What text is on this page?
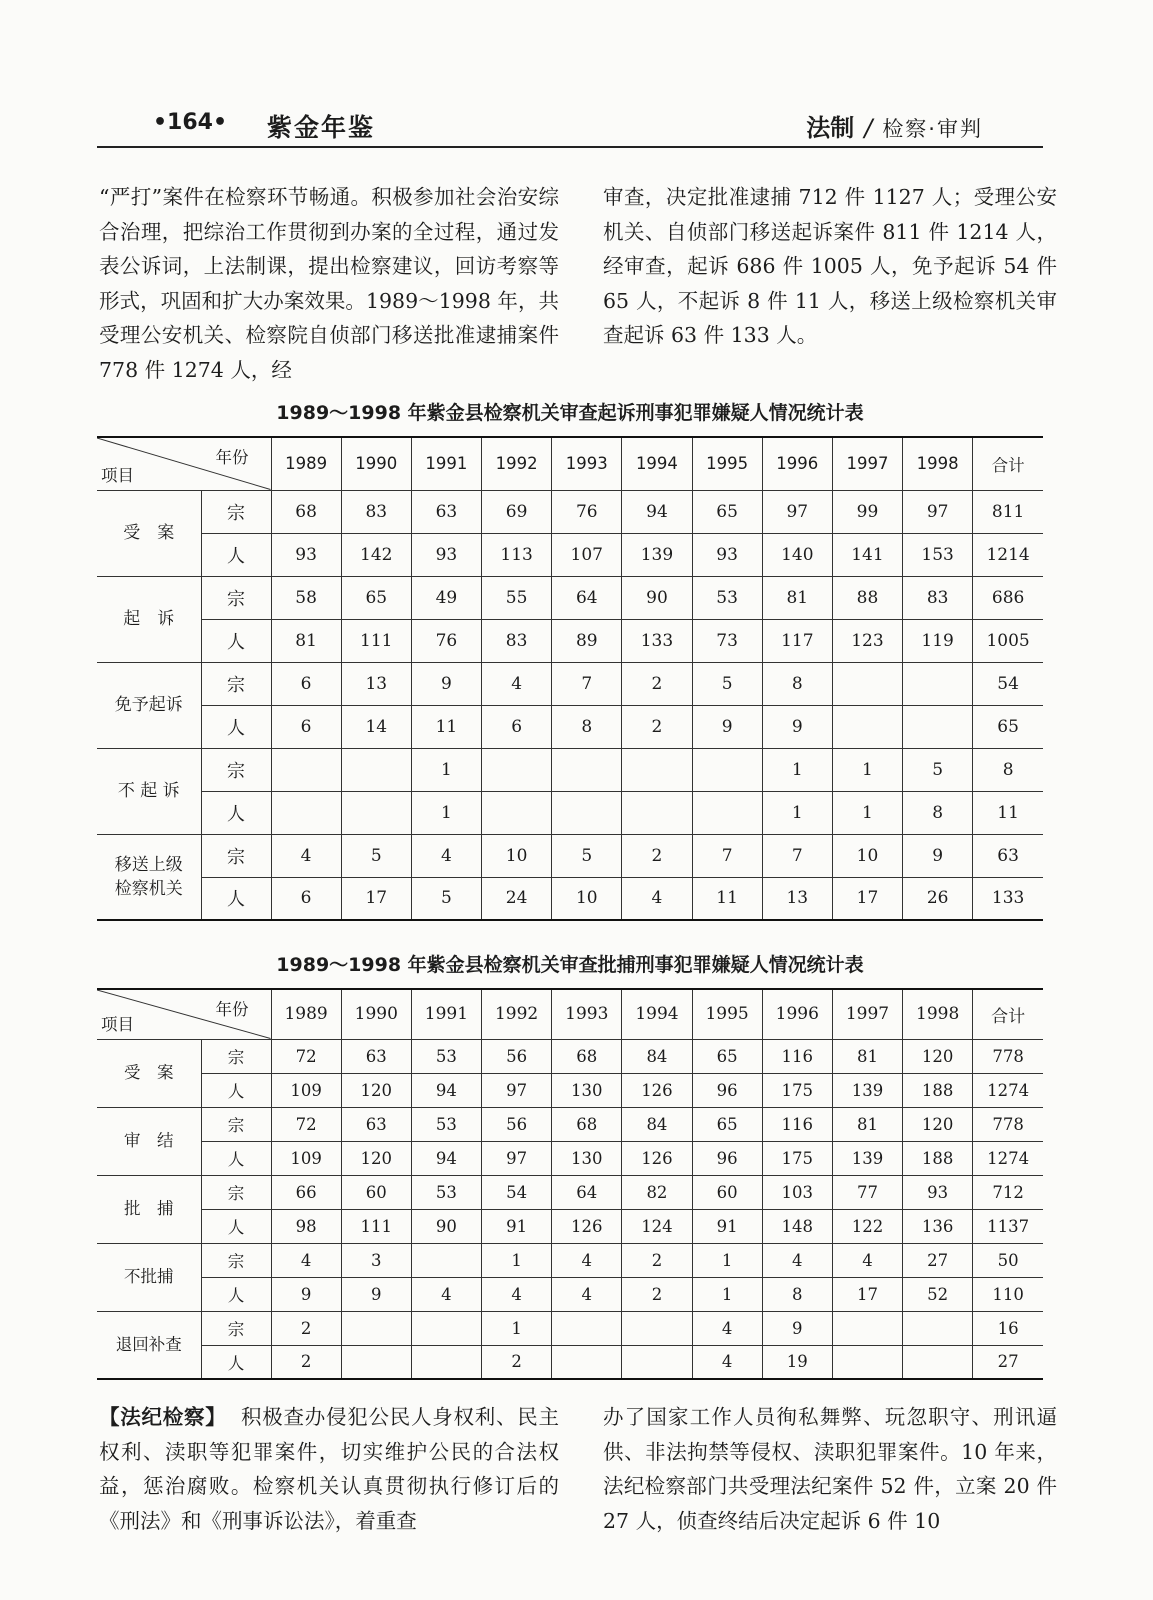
•164• 紫金年鉴	法制 / 检察·审判

“严打”案件在检察环节畅通。积极参加社会治安综合治理，把综治工作贯彻到办案的全过程，通过发表公诉词，上法制课，提出检察建议，回访考察等形式，巩固和扩大办案效果。1989～1998 年，共受理公安机关、检察院自侦部门移送批准逮捕案件 778 件 1274 人，经

审查，决定批准逮捕 712 件 1127 人；受理公安机关、自侦部门移送起诉案件 811 件 1214 人，经审查，起诉 686 件 1005 人，免予起诉 54 件 65 人，不起诉 8 件 11 人，移送上级检察机关审查起诉 63 件 133 人。

1989～1998 年紫金县检察机关审查起诉刑事犯罪嫌疑人情况统计表
年份
项目		1989	1990	1991	1992	1993	1994	1995	1996	1997	1998	合计
受　案	宗	68	83	63	69	76	94	65	97	99	97	811
	人	93	142	93	113	107	139	93	140	141	153	1214
起　诉	宗	58	65	49	55	64	90	53	81	88	83	686
	人	81	111	76	83	89	133	73	117	123	119	1005
免予起诉	宗	6	13	9	4	7	2	5	8			54
	人	6	14	11	6	8	2	9	9			65
不 起 诉	宗			1					1	1	5	8
	人			1					1	1	8	11
移送上级
检察机关	宗	4	5	4	10	5	2	7	7	10	9	63
	人	6	17	5	24	10	4	11	13	17	26	133
1989～1998 年紫金县检察机关审查批捕刑事犯罪嫌疑人情况统计表
年份
项目		1989	1990	1991	1992	1993	1994	1995	1996	1997	1998	合计
受　案	宗	72	63	53	56	68	84	65	116	81	120	778
	人	109	120	94	97	130	126	96	175	139	188	1274
审　结	宗	72	63	53	56	68	84	65	116	81	120	778
	人	109	120	94	97	130	126	96	175	139	188	1274
批　捕	宗	66	60	53	54	64	82	60	103	77	93	712
	人	98	111	90	91	126	124	91	148	122	136	1137
不批捕	宗	4	3		1	4	2	1	4	4	27	50
	人	9	9	4	4	4	2	1	8	17	52	110
退回补查	宗	2			1			4	9			16
	人	2			2			4	19			27

【法纪检察】 积极查办侵犯公民人身权利、民主权利、渎职等犯罪案件，切实维护公民的合法权益，惩治腐败。检察机关认真贯彻执行修订后的《刑法》和《刑事诉讼法》，着重查

办了国家工作人员徇私舞弊、玩忽职守、刑讯逼供、非法拘禁等侵权、渎职犯罪案件。10 年来，法纪检察部门共受理法纪案件 52 件，立案 20 件 27 人，侦查终结后决定起诉 6 件 10
